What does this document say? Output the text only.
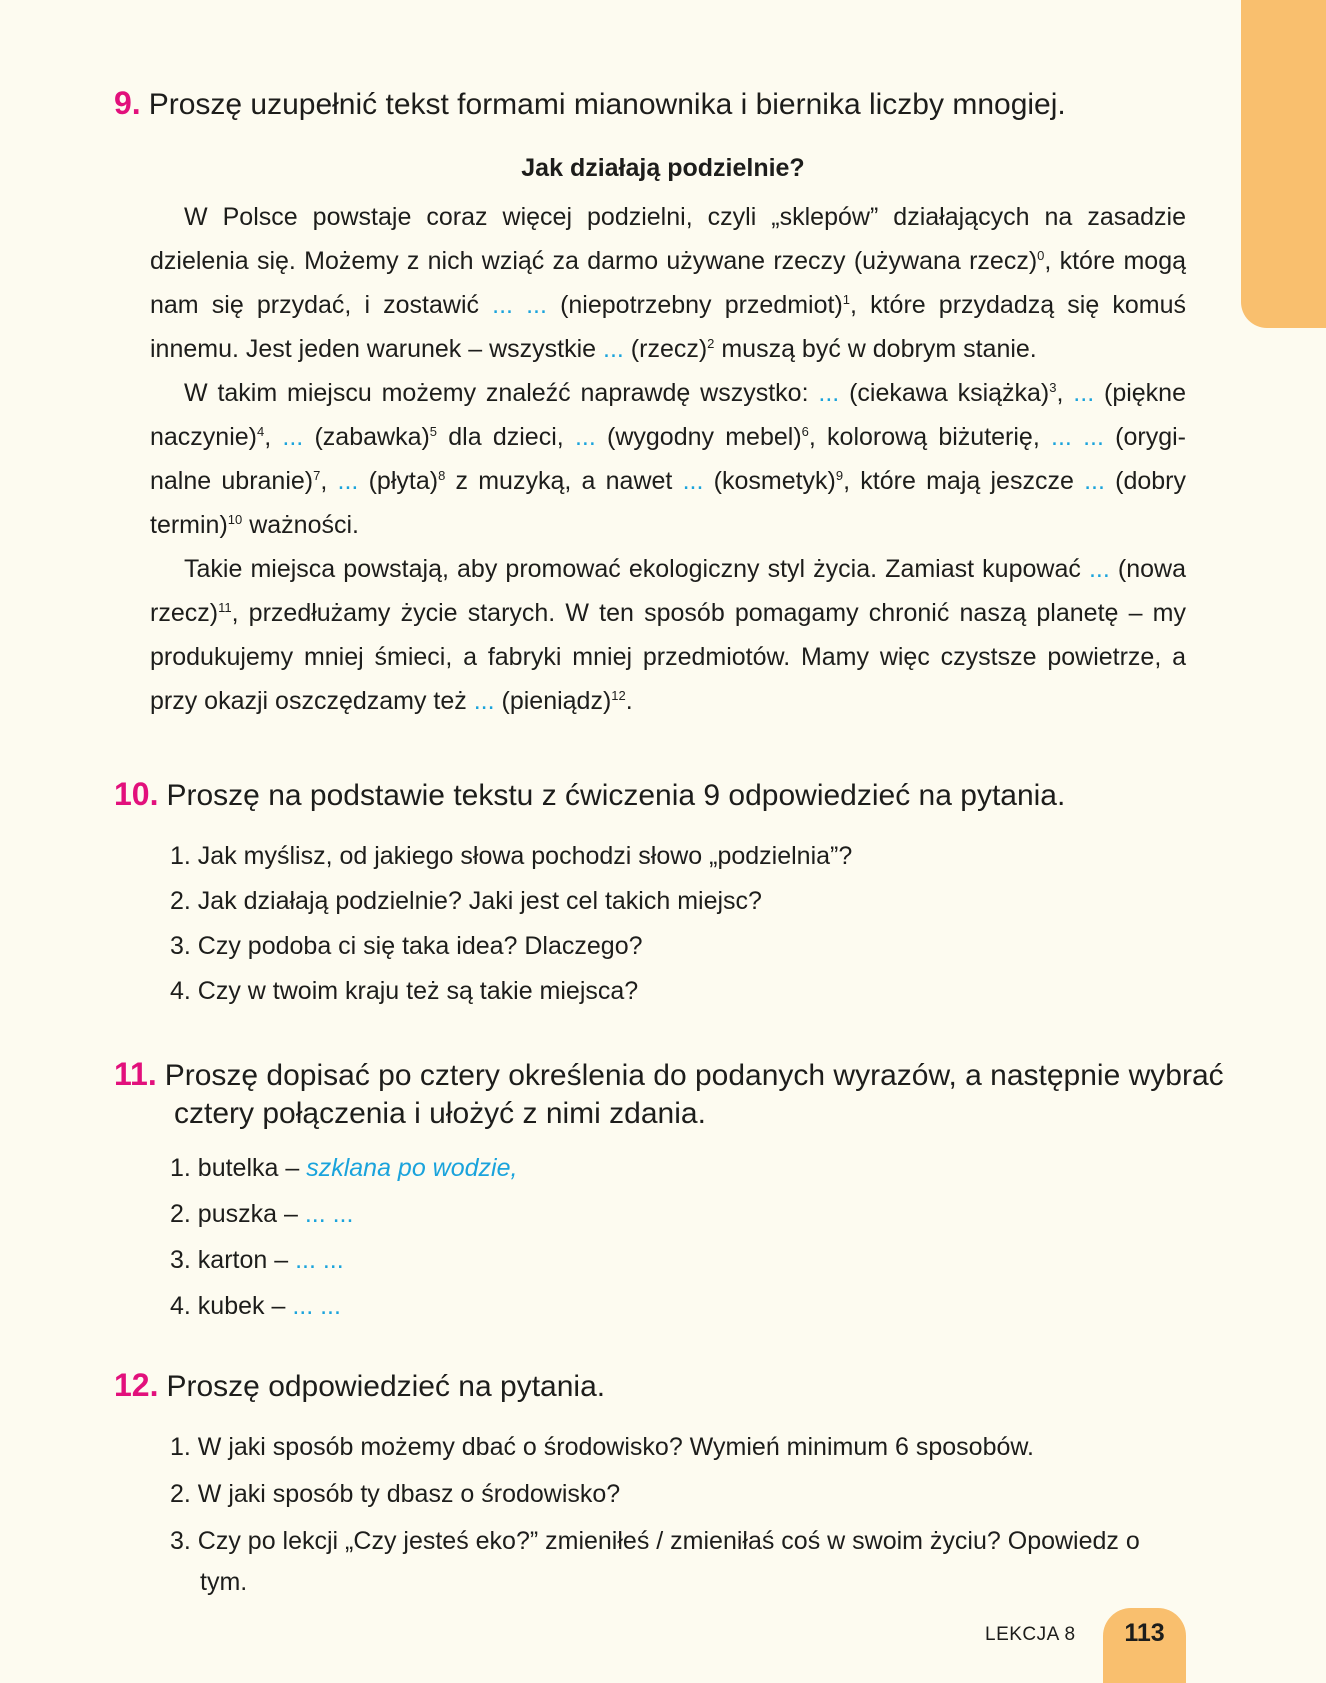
9. Proszę uzupełnić tekst formami mianownika i biernika liczby mnogiej.
Jak działają podzielnie?

W Polsce powstaje coraz więcej podzielni, czyli „sklepów” działających na zasadzie dzielenia się. Możemy z nich wziąć za darmo używane rzeczy (używana rzecz)$^0$, które mogą nam się przydać, i zostawić ... ... (niepotrzebny przedmiot)$^1$, które przydadzą się komuś innemu. Jest jeden warunek – wszystkie ... (rzecz)$^2$ muszą być w dobrym stanie.

W takim miejscu możemy znaleźć naprawdę wszystko: ... (ciekawa książka)$^3$, ... (piękne naczynie)$^4$, ... (zabawka)$^5$ dla dzieci, ... (wygodny mebel)$^6$, kolorową biżuterię, ... ... (oryginalne ubranie)$^7$, ... (płyta)$^8$ z muzyką, a nawet ... (kosmetyk)$^9$, które mają jeszcze ... (dobry termin)$^{10}$ ważności.

Takie miejsca powstają, aby promować ekologiczny styl życia. Zamiast kupować ... (nowa rzecz)$^{11}$, przedłużamy życie starych. W ten sposób pomagamy chronić naszą planetę – my produkujemy mniej śmieci, a fabryki mniej przedmiotów. Mamy więc czystsze powietrze, a przy okazji oszczędzamy też ... (pieniądz)$^{12}$.

10. Proszę na podstawie tekstu z ćwiczenia 9 odpowiedzieć na pytania.
1. Jak myślisz, od jakiego słowa pochodzi słowo „podzielnia”?
2. Jak działają podzielnie? Jaki jest cel takich miejsc?
3. Czy podoba ci się taka idea? Dlaczego?
4. Czy w twoim kraju też są takie miejsca?
11. Proszę dopisać po cztery określenia do podanych wyrazów, a następnie wybrać
cztery połączenia i ułożyć z nimi zdania.
1. butelka – szklana po wodzie,
2. puszka – ... ...
3. karton – ... ...
4. kubek – ... ...
12. Proszę odpowiedzieć na pytania.
1. W jaki sposób możemy dbać o środowisko? Wymień minimum 6 sposobów.
2. W jaki sposób ty dbasz o środowisko?
3. Czy po lekcji „Czy jesteś eko?” zmieniłeś / zmieniłaś coś w swoim życiu? Opowiedz o
tym.
LEKCJA 8	113
